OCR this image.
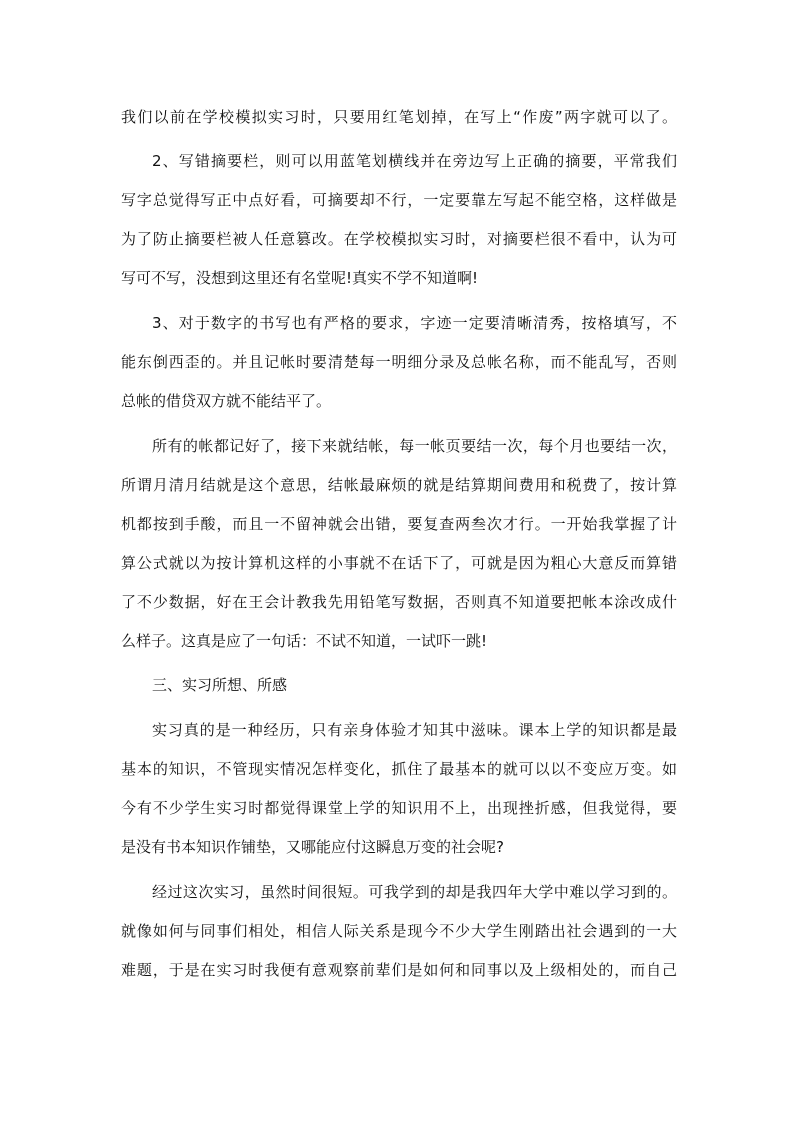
我们以前在学校模拟实习时，只要用红笔划掉，在写上“作废”两字就可以了。
2、写错摘要栏，则可以用蓝笔划横线并在旁边写上正确的摘要，平常我们
写字总觉得写正中点好看，可摘要却不行，一定要靠左写起不能空格，这样做是
为了防止摘要栏被人任意篡改。在学校模拟实习时，对摘要栏很不看中，认为可
写可不写，没想到这里还有名堂呢!真实不学不知道啊!
3、对于数字的书写也有严格的要求，字迹一定要清晰清秀，按格填写，不
能东倒西歪的。并且记帐时要清楚每一明细分录及总帐名称，而不能乱写，否则
总帐的借贷双方就不能结平了。
所有的帐都记好了，接下来就结帐，每一帐页要结一次，每个月也要结一次，
所谓月清月结就是这个意思，结帐最麻烦的就是结算期间费用和税费了，按计算
机都按到手酸，而且一不留神就会出错，要复查两叁次才行。一开始我掌握了计
算公式就以为按计算机这样的小事就不在话下了，可就是因为粗心大意反而算错
了不少数据，好在王会计教我先用铅笔写数据，否则真不知道要把帐本涂改成什
么样子。这真是应了一句话：不试不知道，一试吓一跳!
三、实习所想、所感
实习真的是一种经历，只有亲身体验才知其中滋味。课本上学的知识都是最
基本的知识，不管现实情况怎样变化，抓住了最基本的就可以以不变应万变。如
今有不少学生实习时都觉得课堂上学的知识用不上，出现挫折感，但我觉得，要
是没有书本知识作铺垫，又哪能应付这瞬息万变的社会呢?
经过这次实习，虽然时间很短。可我学到的却是我四年大学中难以学习到的。
就像如何与同事们相处，相信人际关系是现今不少大学生刚踏出社会遇到的一大
难题，于是在实习时我便有意观察前辈们是如何和同事以及上级相处的，而自己
